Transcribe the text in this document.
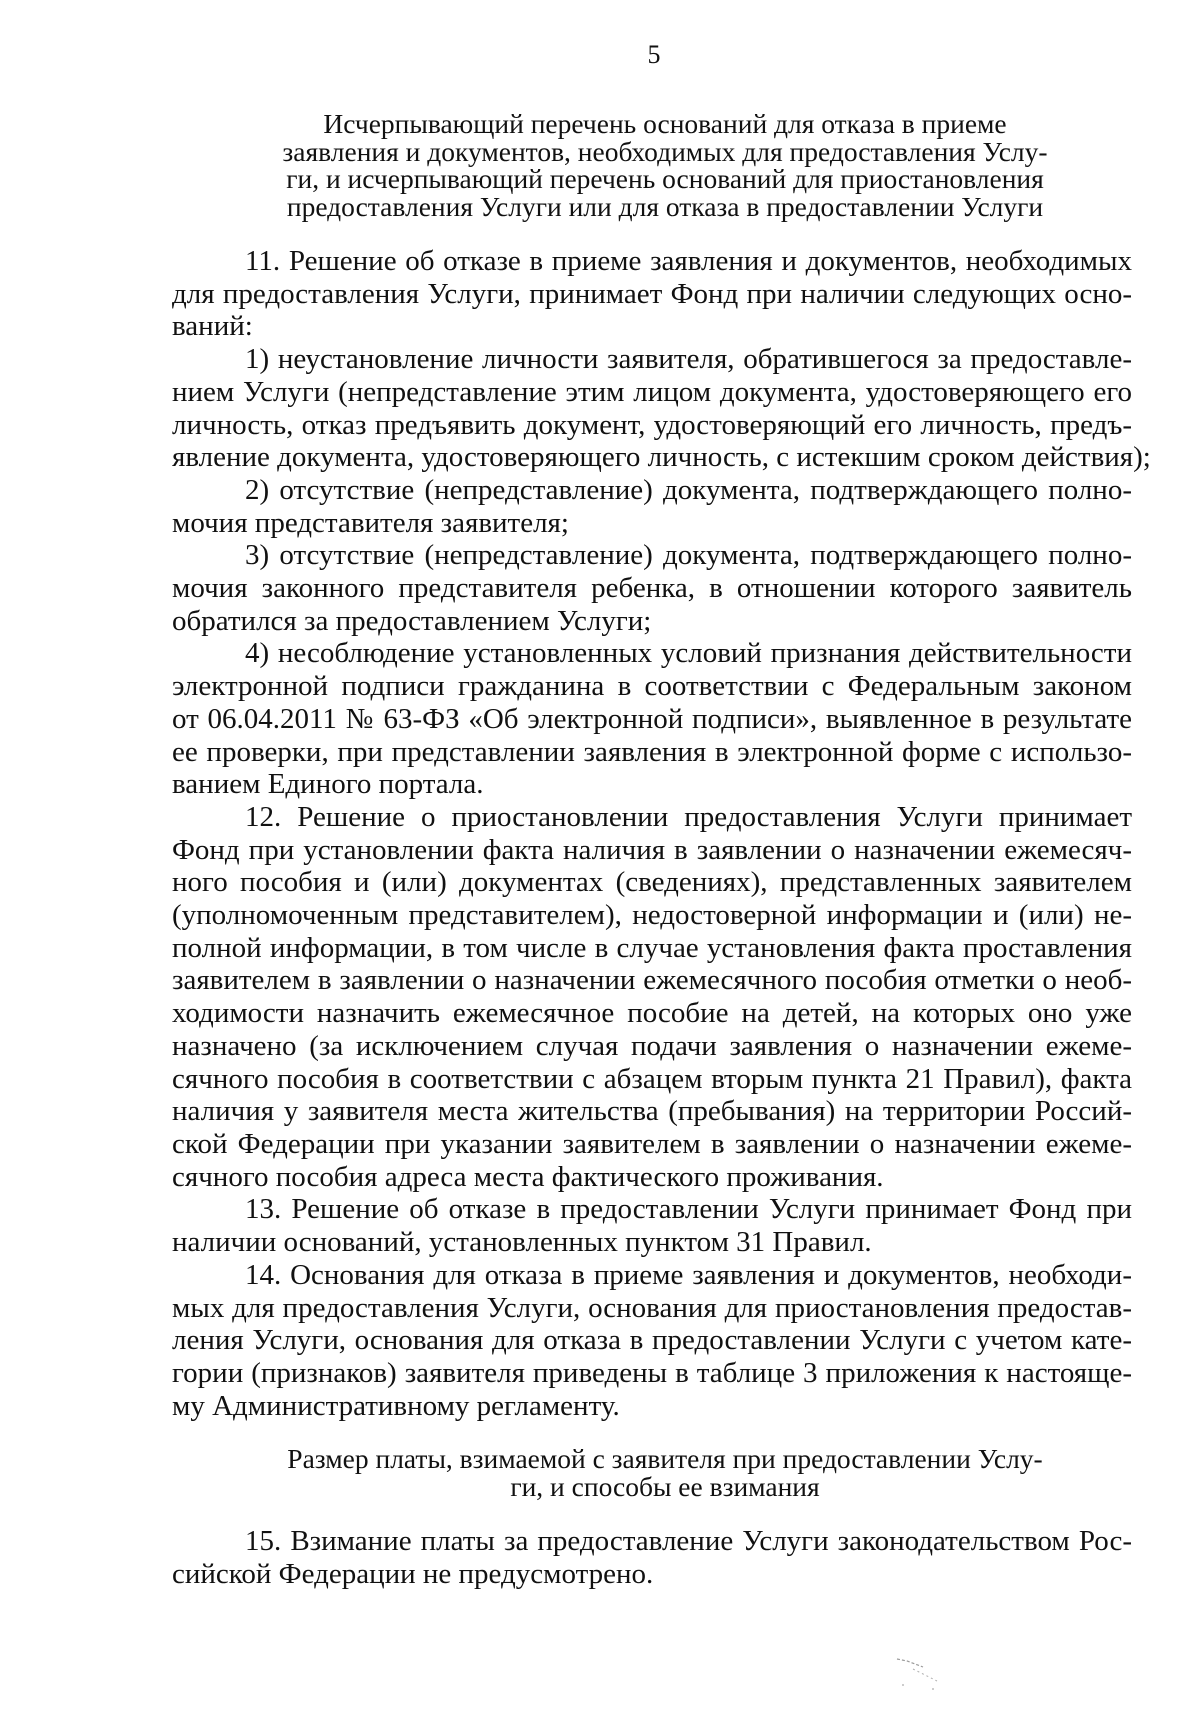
5
Исчерпывающий перечень оснований для отказа в приеме
заявления и документов, необходимых для предоставления Услу-
ги, и исчерпывающий перечень оснований для приостановления
предоставления Услуги или для отказа в предоставлении Услуги

11. Решение об отказе в приеме заявления и документов, необходимых
для предоставления Услуги, принимает Фонд при наличии следующих осно-
ваний:

1) неустановление личности заявителя, обратившегося за предоставле-
нием Услуги (непредставление этим лицом документа, удостоверяющего его
личность, отказ предъявить документ, удостоверяющий его личность, предъ-
явление документа, удостоверяющего личность, с истекшим сроком действия);

2) отсутствие (непредставление) документа, подтверждающего полно-
мочия представителя заявителя;

3) отсутствие (непредставление) документа, подтверждающего полно-
мочия законного представителя ребенка, в отношении которого заявитель
обратился за предоставлением Услуги;

4) несоблюдение установленных условий признания действительности
электронной подписи гражданина в соответствии с Федеральным законом
от 06.04.2011 № 63-ФЗ «Об электронной подписи», выявленное в результате
ее проверки, при представлении заявления в электронной форме с использо-
ванием Единого портала.

12. Решение о приостановлении предоставления Услуги принимает
Фонд при установлении факта наличия в заявлении о назначении ежемесяч-
ного пособия и (или) документах (сведениях), представленных заявителем
(уполномоченным представителем), недостоверной информации и (или) не-
полной информации, в том числе в случае установления факта проставления
заявителем в заявлении о назначении ежемесячного пособия отметки о необ-
ходимости назначить ежемесячное пособие на детей, на которых оно уже
назначено (за исключением случая подачи заявления о назначении ежеме-
сячного пособия в соответствии с абзацем вторым пункта 21 Правил), факта
наличия у заявителя места жительства (пребывания) на территории Россий-
ской Федерации при указании заявителем в заявлении о назначении ежеме-
сячного пособия адреса места фактического проживания.

13. Решение об отказе в предоставлении Услуги принимает Фонд при
наличии оснований, установленных пунктом 31 Правил.

14. Основания для отказа в приеме заявления и документов, необходи-
мых для предоставления Услуги, основания для приостановления предостав-
ления Услуги, основания для отказа в предоставлении Услуги с учетом кате-
гории (признаков) заявителя приведены в таблице 3 приложения к настояще-
му Административному регламенту.

Размер платы, взимаемой с заявителя при предоставлении Услу-
ги, и способы ее взимания

15. Взимание платы за предоставление Услуги законодательством Рос-
сийской Федерации не предусмотрено.
